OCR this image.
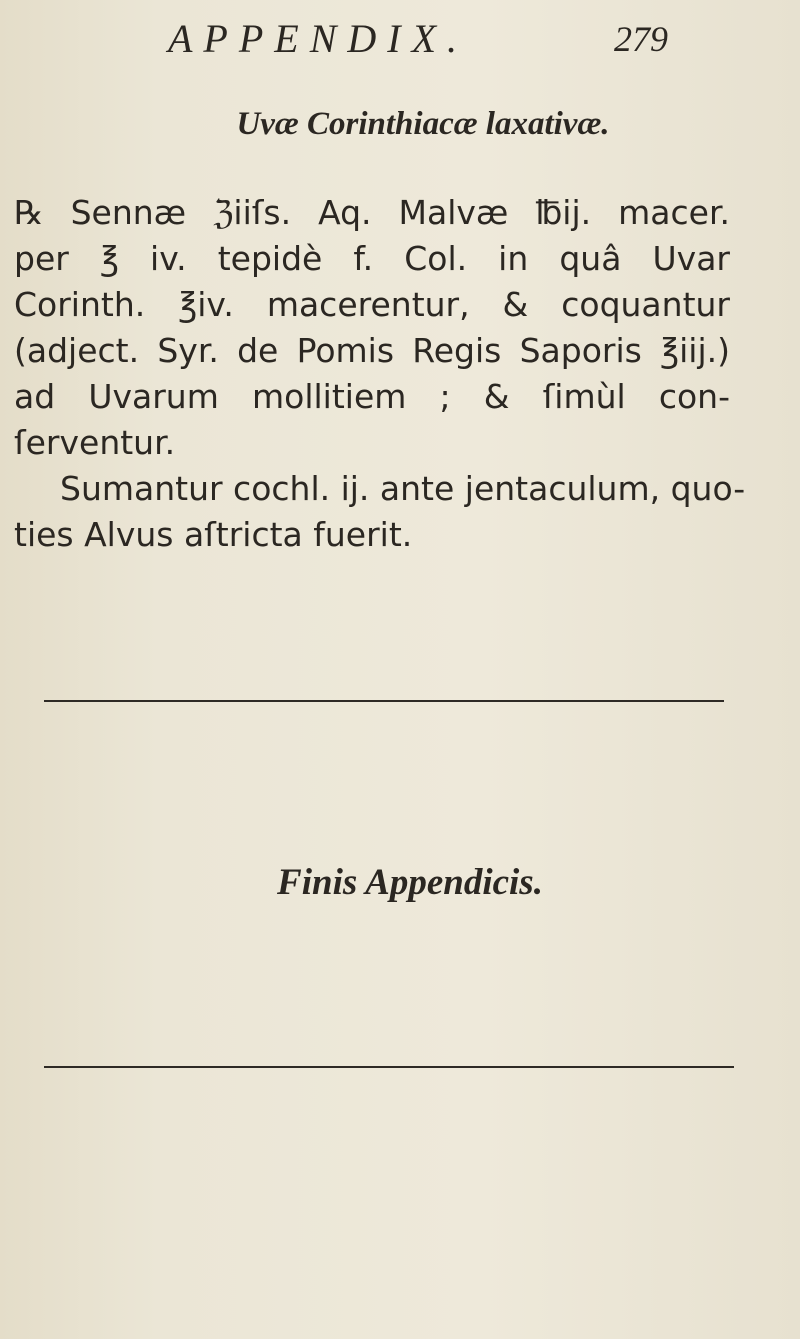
APPENDIX.	279
Uvæ Corinthiacæ laxativæ.
℞ Sennæ ℨiiſs. Aq. Malvæ ℔ij. macer.
per ℥ iv. tepidè f. Col. in quâ Uvar
Corinth. ℥iv. macerentur, & coquantur
(adject. Syr. de Pomis Regis Saporis ℥iij.)
ad Uvarum mollitiem ; & ſimùl con-
ſerventur.
Sumantur cochl. ij. ante jentaculum, quo-
ties Alvus aſtricta fuerit.
Finis Appendicis.
